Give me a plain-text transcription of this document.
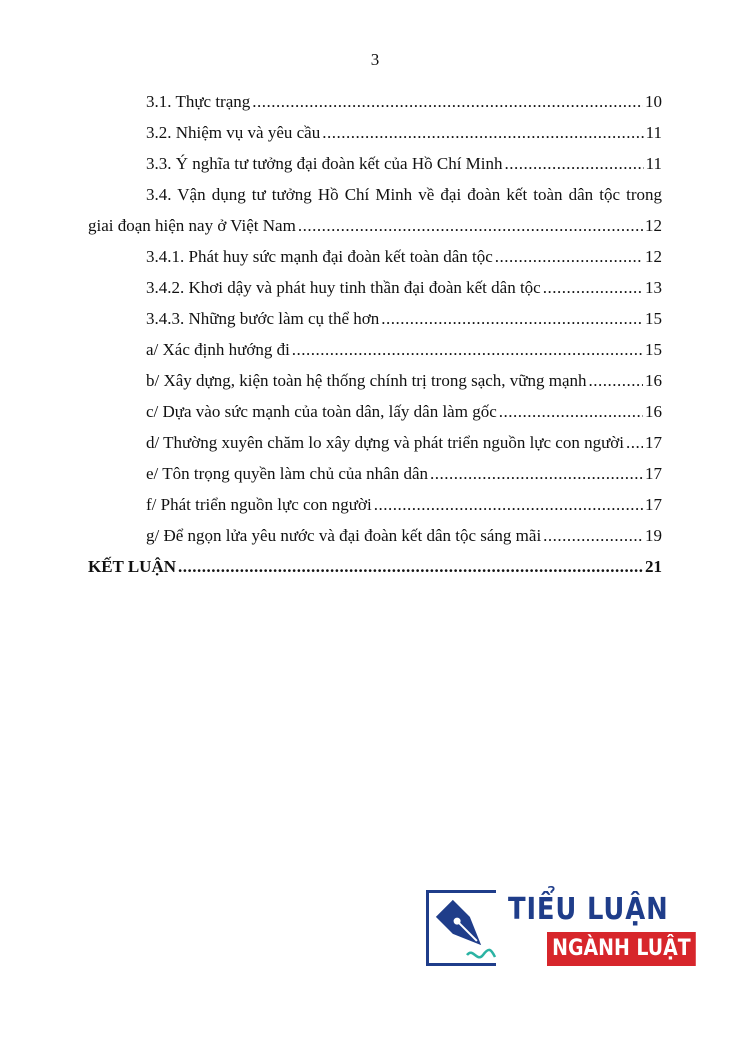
3
3.1. Thực trạng .....	10
3.2. Nhiệm vụ và yêu cầu .....	11
3.3. Ý nghĩa tư tưởng đại đoàn kết của Hồ Chí Minh .....	11
3.4. Vận dụng tư tưởng Hồ Chí Minh về đại đoàn kết toàn dân tộc trong
giai đoạn hiện nay ở Việt Nam .....	12
3.4.1. Phát huy sức mạnh đại đoàn kết toàn dân tộc .....	12
3.4.2. Khơi dậy và phát huy tinh thần đại đoàn kết dân tộc .....	13
3.4.3. Những bước làm cụ thể hơn .....	15
a/ Xác định hướng đi .....	15
b/ Xây dựng, kiện toàn hệ thống chính trị trong sạch, vững mạnh .....	16
c/ Dựa vào sức mạnh của toàn dân, lấy dân làm gốc .....	16
d/ Thường xuyên chăm lo xây dựng và phát triển nguồn lực con người ..... 17
e/ Tôn trọng quyền làm chủ của nhân dân .....	17
f/ Phát triển nguồn lực con người .....	17
g/ Để ngọn lửa yêu nước và đại đoàn kết dân tộc sáng mãi .....	19
KẾT LUẬN .....	21
TIỂU LUẬN
NGÀNH LUẬT
